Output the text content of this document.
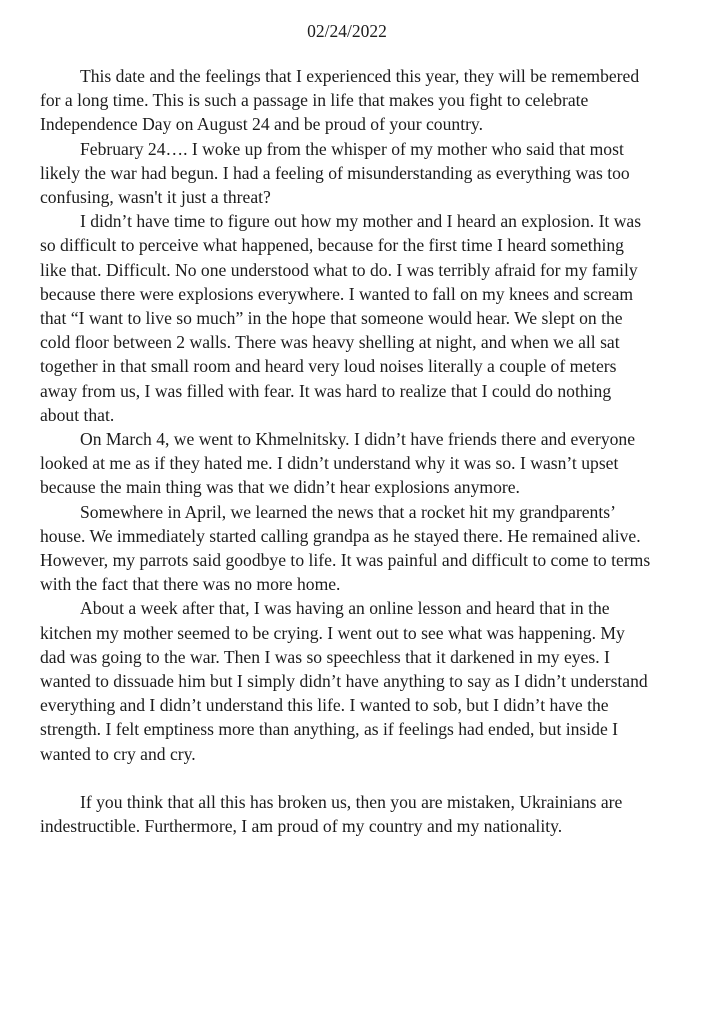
02/24/2022

This date and the feelings that I experienced this year, they will be remembered for a long time. This is such a passage in life that makes you fight to celebrate Independence Day on August 24 and be proud of your country.

February 24…. I woke up from the whisper of my mother who said that most likely the war had begun. I had a feeling of misunderstanding as everything was too confusing, wasn't it just a threat?

I didn’t have time to figure out how my mother and I heard an explosion. It was so difficult to perceive what happened, because for the first time I heard something like that. Difficult. No one understood what to do. I was terribly afraid for my family because there were explosions everywhere. I wanted to fall on my knees and scream that “I want to live so much” in the hope that someone would hear. We slept on the cold floor between 2 walls. There was heavy shelling at night, and when we all sat together in that small room and heard very loud noises literally a couple of meters away from us, I was filled with fear. It was hard to realize that I could do nothing about that.

On March 4, we went to Khmelnitsky. I didn’t have friends there and everyone looked at me as if they hated me. I didn’t understand why it was so. I wasn’t upset because the main thing was that we didn’t hear explosions anymore.

Somewhere in April, we learned the news that a rocket hit my grandparents’ house. We immediately started calling grandpa as he stayed there. He remained alive. However, my parrots said goodbye to life. It was painful and difficult to come to terms with the fact that there was no more home.

About a week after that, I was having an online lesson and heard that in the kitchen my mother seemed to be crying. I went out to see what was happening. My dad was going to the war. Then I was so speechless that it darkened in my eyes. I wanted to dissuade him but I simply didn’t have anything to say as I didn’t understand everything and I didn’t understand this life. I wanted to sob, but I didn’t have the strength. I felt emptiness more than anything, as if feelings had ended, but inside I wanted to cry and cry.

If you think that all this has broken us, then you are mistaken, Ukrainians are indestructible. Furthermore, I am proud of my country and my nationality.
